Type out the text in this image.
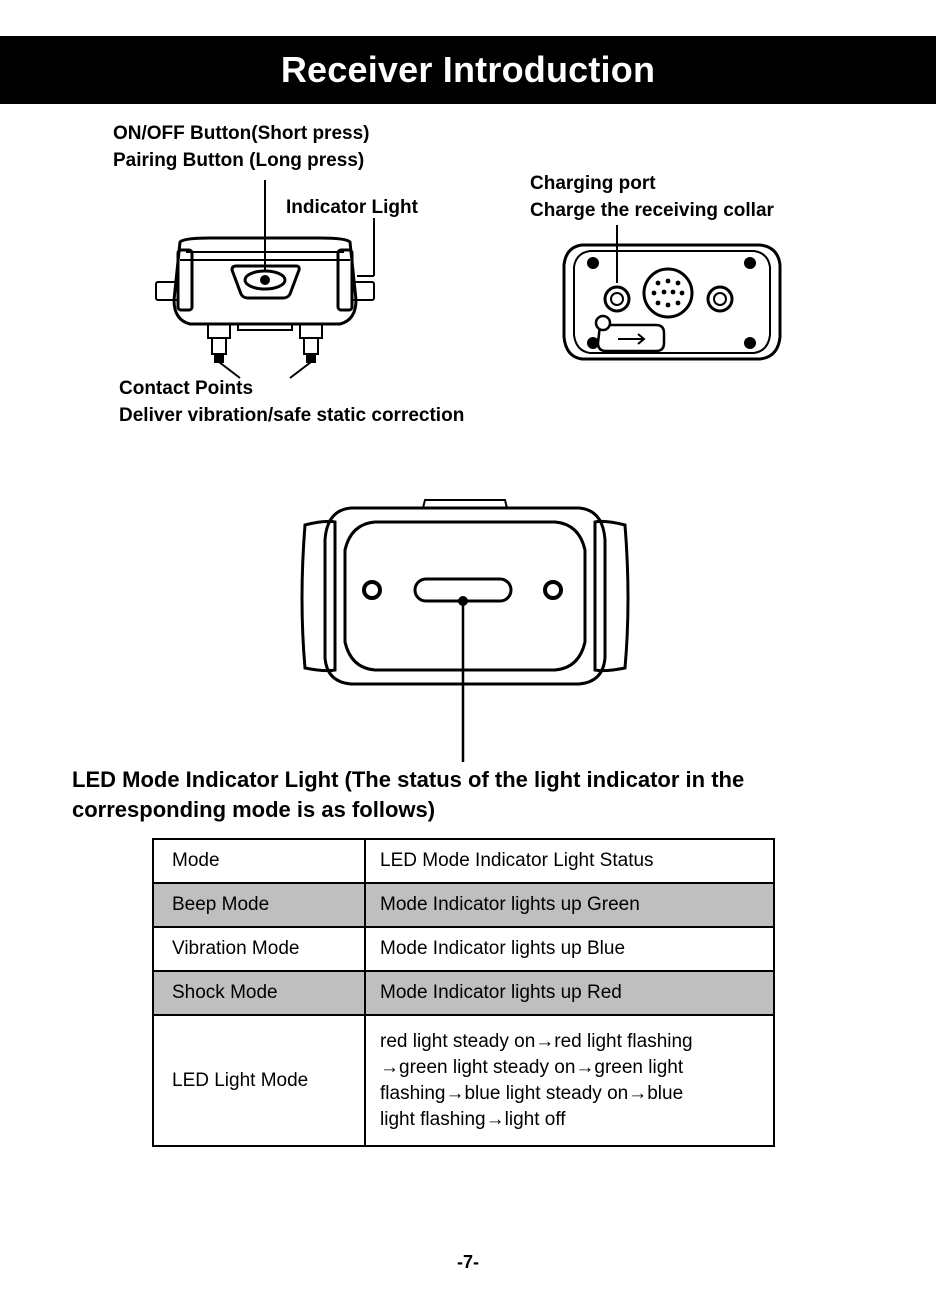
Receiver Introduction
ON/OFF Button(Short press)
Pairing Button (Long press)
Indicator Light
Charging port
Charge the receiving collar
Contact Points
Deliver vibration/safe static correction
LED Mode Indicator Light (The status of the light indicator in the
corresponding mode is as follows)
Mode	LED Mode Indicator Light Status
Beep Mode	Mode Indicator lights up Green
Vibration Mode	Mode Indicator lights up Blue
Shock Mode	Mode Indicator lights up Red
LED Light Mode	red light steady on→red light flashing
→green light steady on→green light
flashing→blue light steady on→blue
light flashing→light off
-7-
